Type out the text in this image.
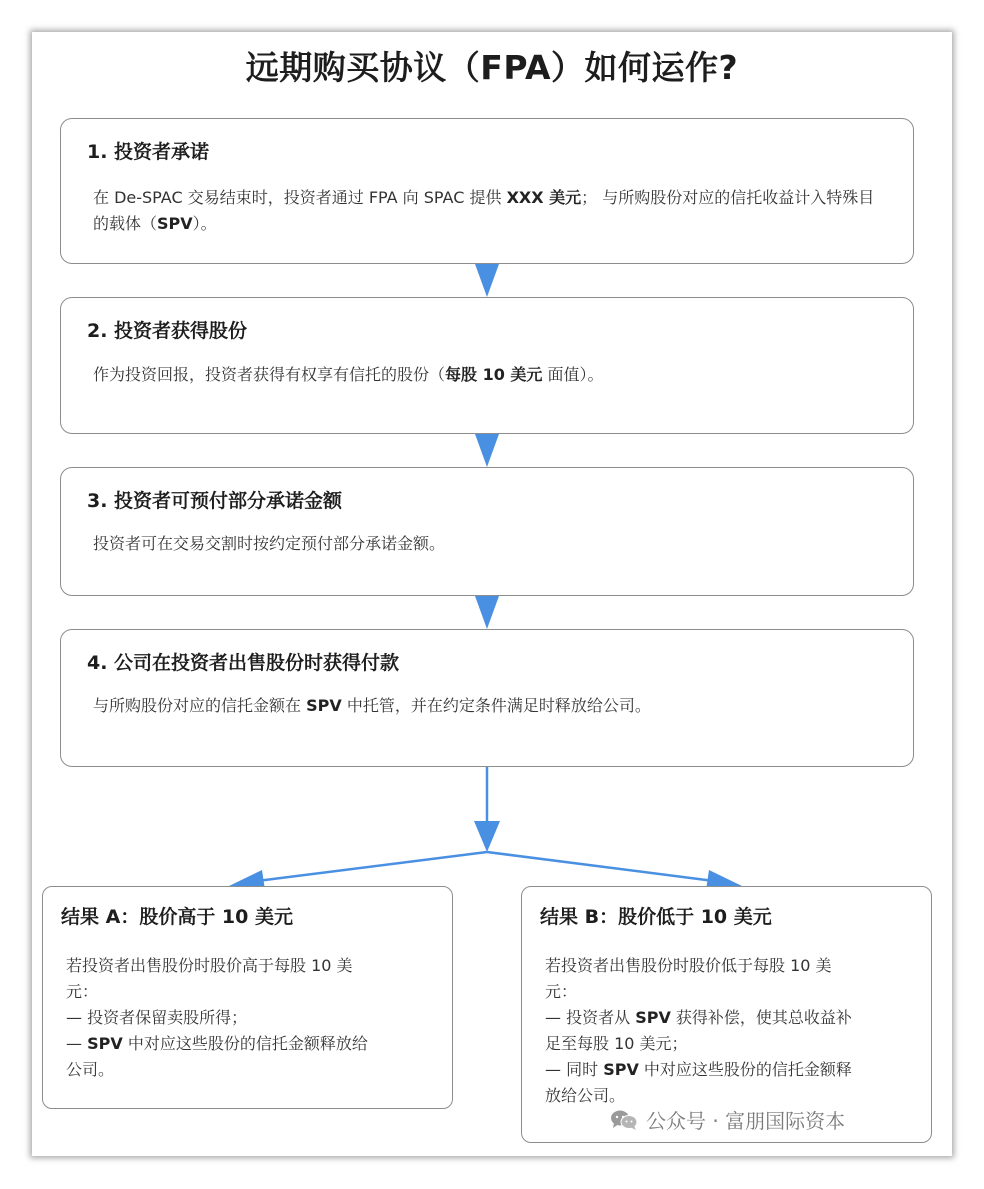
远期购买协议（FPA）如何运作?
1. 投资者承诺
在 De-SPAC 交易结束时，投资者通过 FPA 向 SPAC 提供 XXX 美元； 与所购股份对应的信托收益计入特殊目的载体（SPV）。
2. 投资者获得股份
作为投资回报，投资者获得有权享有信托的股份（每股 10 美元 面值）。
3. 投资者可预付部分承诺金额
投资者可在交易交割时按约定预付部分承诺金额。
4. 公司在投资者出售股份时获得付款
与所购股份对应的信托金额在 SPV 中托管，并在约定条件满足时释放给公司。
结果 A：股价高于 10 美元
若投资者出售股份时股价高于每股 10 美
元：
— 投资者保留卖股所得；
— SPV 中对应这些股份的信托金额释放给
公司。
结果 B：股价低于 10 美元
若投资者出售股份时股价低于每股 10 美
元：
— 投资者从 SPV 获得补偿，使其总收益补
足至每股 10 美元；
— 同时 SPV 中对应这些股份的信托金额释
放给公司。
公众号 · 富朋国际资本
